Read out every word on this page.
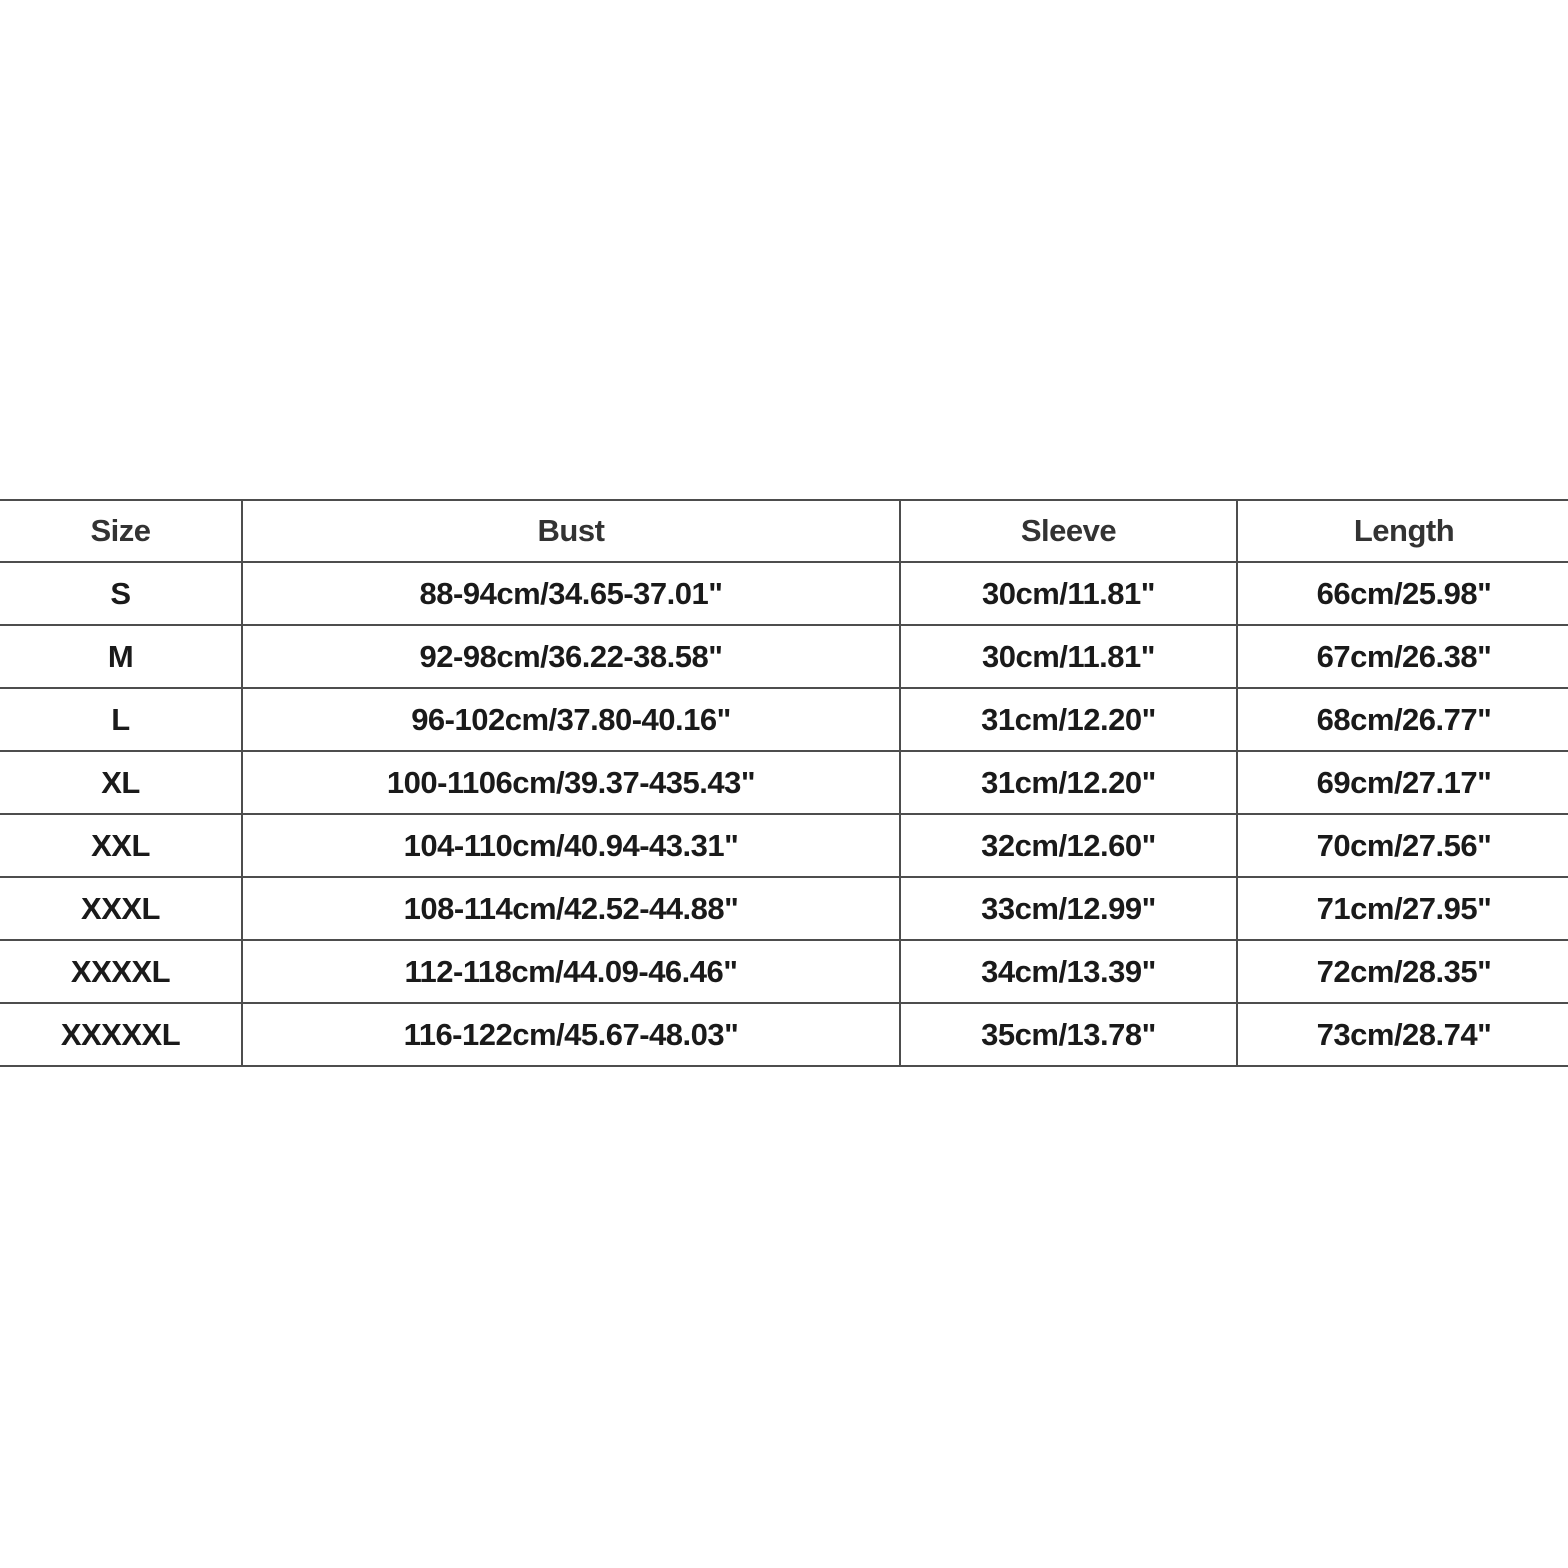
Size	Bust	Sleeve	Length
S	88-94cm/34.65-37.01"	30cm/11.81"	66cm/25.98"
M	92-98cm/36.22-38.58"	30cm/11.81"	67cm/26.38"
L	96-102cm/37.80-40.16"	31cm/12.20"	68cm/26.77"
XL	100-1106cm/39.37-435.43"	31cm/12.20"	69cm/27.17"
XXL	104-110cm/40.94-43.31"	32cm/12.60"	70cm/27.56"
XXXL	108-114cm/42.52-44.88"	33cm/12.99"	71cm/27.95"
XXXXL	112-118cm/44.09-46.46"	34cm/13.39"	72cm/28.35"
XXXXXL	116-122cm/45.67-48.03"	35cm/13.78"	73cm/28.74"
